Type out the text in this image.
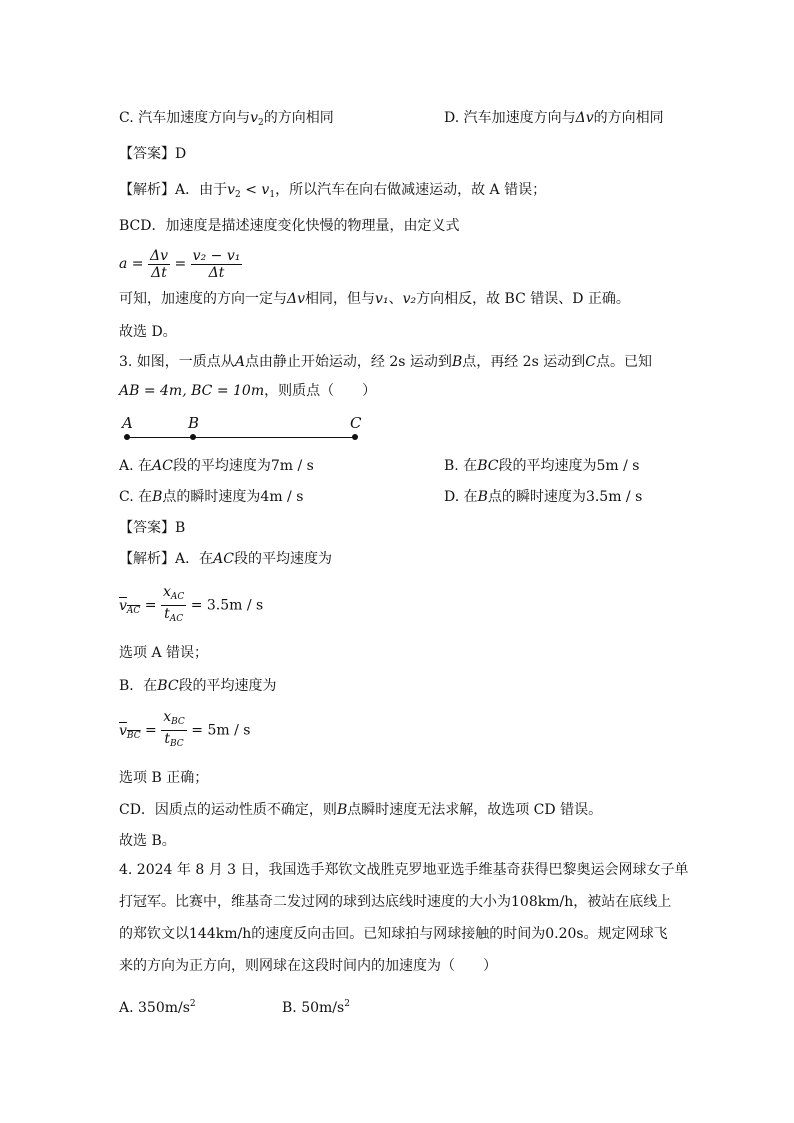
C. 汽车加速度方向与$v_2$的方向相同	D. 汽车加速度方向与Δv的方向相同
【答案】D
【解析】A．由于$v_2 < v_1$，所以汽车在向右做减速运动，故 A 错误；
BCD．加速度是描述速度变化快慢的物理量，由定义式
$a = \frac{\Delta v}{\Delta t} = \frac{\text{v₂ − v₁}}{\Delta t}$
可知，加速度的方向一定与Δv相同，但与v₁、v₂方向相反，故 BC 错误、D 正确。
故选 D。
3. 如图，一质点从A点由静止开始运动，经 2s 运动到B点，再经 2s 运动到C点。已知
AB = 4m, BC = 10m，则质点（　　）
A	B	C
A. 在AC段的平均速度为7m / s	B. 在BC段的平均速度为5m / s
C. 在B点的瞬时速度为4m / s	D. 在B点的瞬时速度为3.5m / s
【答案】B
【解析】A．在AC段的平均速度为
$v_{AC} = \frac{x_{AC}}{t_{AC}} = 3.5m / s$
选项 A 错误；
B．在BC段的平均速度为
$v_{BC} = \frac{x_{BC}}{t_{BC}} = 5m / s$
选项 B 正确；
CD．因质点的运动性质不确定，则B点瞬时速度无法求解，故选项 CD 错误。
故选 B。
4. 2024 年 8 月 3 日，我国选手郑钦文战胜克罗地亚选手维基奇获得巴黎奥运会网球女子单
打冠军。比赛中，维基奇二发过网的球到达底线时速度的大小为108km/h，被站在底线上
的郑钦文以144km/h的速度反向击回。已知球拍与网球接触的时间为0.20s。规定网球飞
来的方向为正方向，则网球在这段时间内的加速度为（　　）
A. $350m/s^2$	B. $50m/s^2$
